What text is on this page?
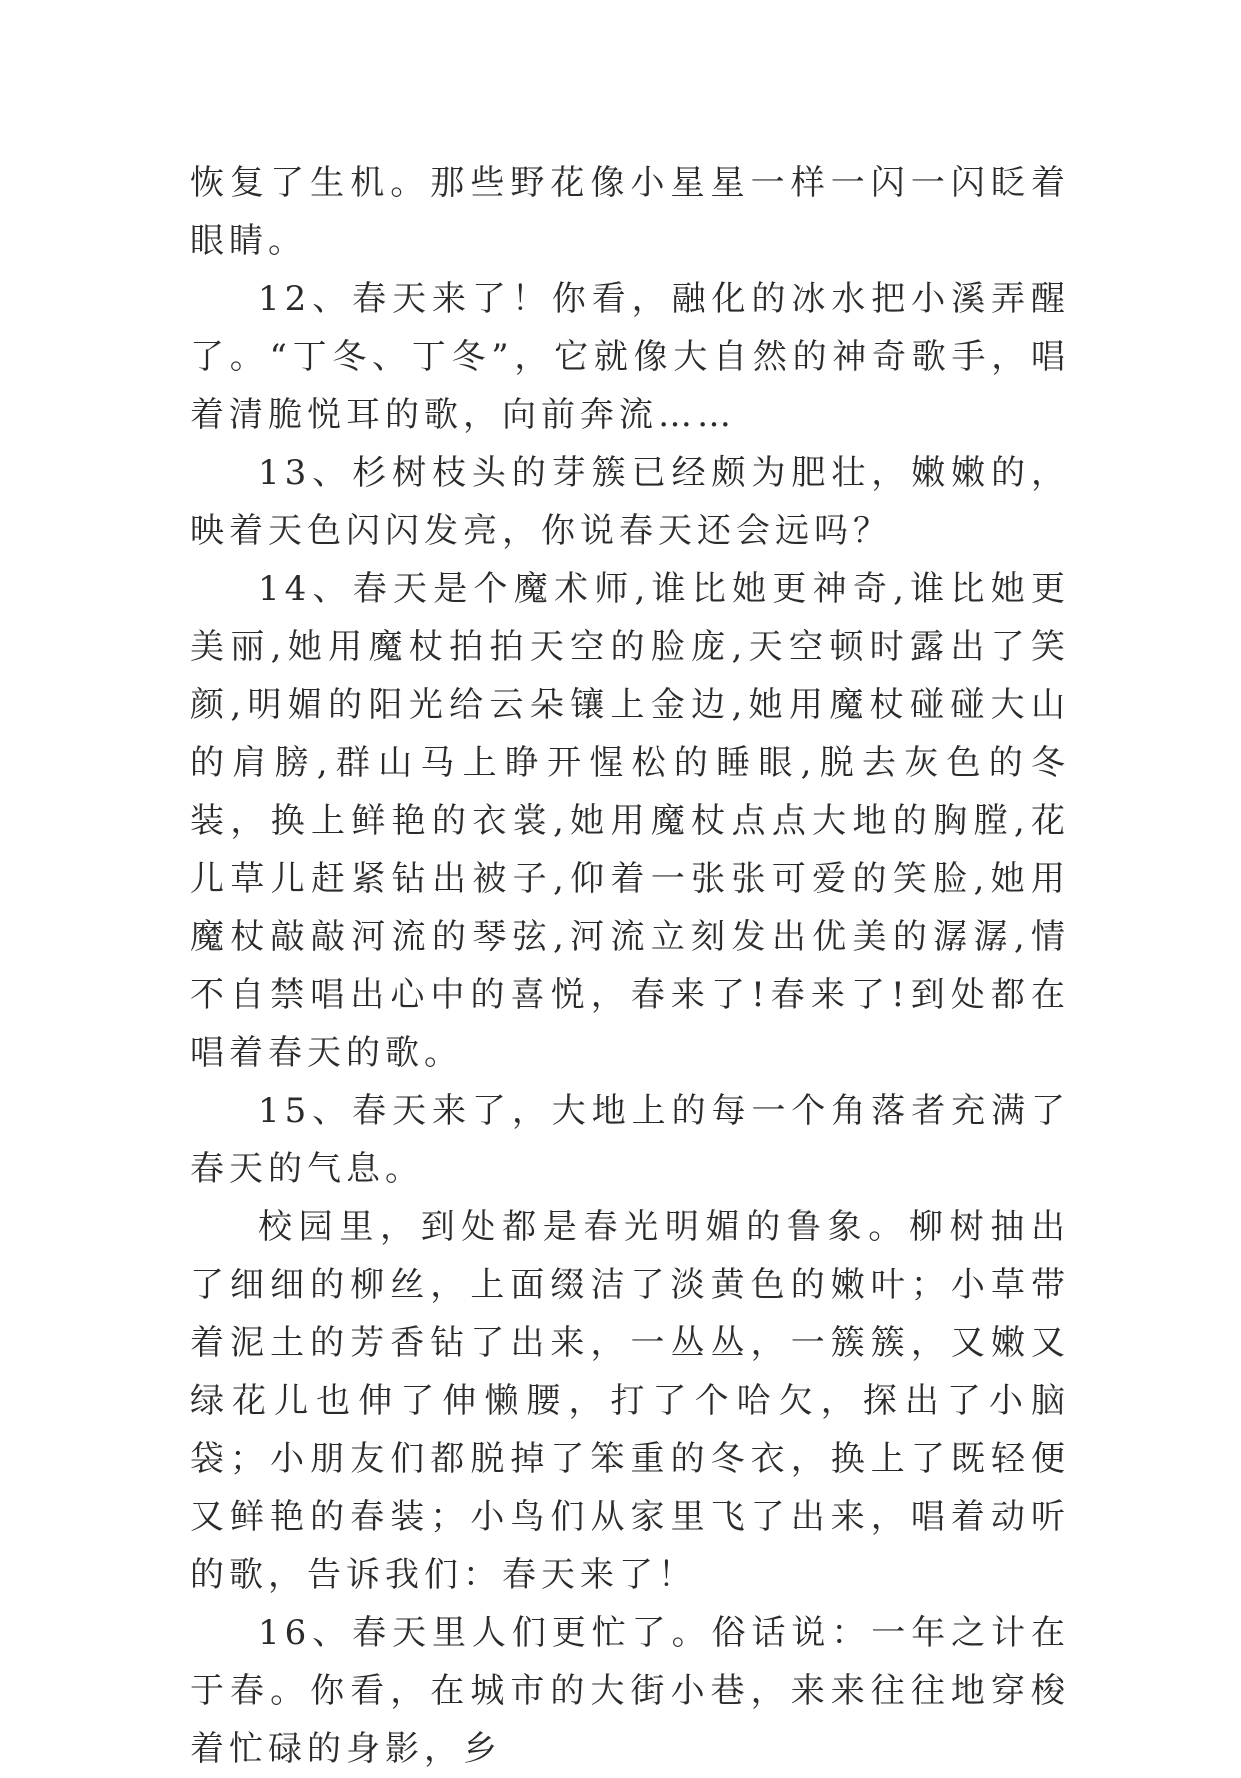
恢复了生机。那些野花像小星星一样一闪一闪眨着眼睛。

12、春天来了！你看，融化的冰水把小溪弄醒了。“丁冬、丁冬”，它就像大自然的神奇歌手，唱着清脆悦耳的歌，向前奔流……

13、杉树枝头的芽簇已经颇为肥壮，嫩嫩的，映着天色闪闪发亮，你说春天还会远吗？

14、春天是个魔术师,谁比她更神奇,谁比她更美丽,她用魔杖拍拍天空的脸庞,天空顿时露出了笑颜,明媚的阳光给云朵镶上金边,她用魔杖碰碰大山的肩膀,群山马上睁开惺松的睡眼,脱去灰色的冬装，换上鲜艳的衣裳,她用魔杖点点大地的胸膛,花儿草儿赶紧钻出被子,仰着一张张可爱的笑脸,她用魔杖敲敲河流的琴弦,河流立刻发出优美的潺潺,情不自禁唱出心中的喜悦，春来了!春来了!到处都在唱着春天的歌。

15、春天来了，大地上的每一个角落者充满了春天的气息。

校园里，到处都是春光明媚的鲁象。柳树抽出了细细的柳丝，上面缀洁了淡黄色的嫩叶；小草带着泥土的芳香钻了出来，一丛丛，一簇簇，又嫩又绿花儿也伸了伸懒腰，打了个哈欠，探出了小脑袋；小朋友们都脱掉了笨重的冬衣，换上了既轻便又鲜艳的春装；小鸟们从家里飞了出来，唱着动听的歌，告诉我们：春天来了！

16、春天里人们更忙了。俗话说：一年之计在于春。你看，在城市的大街小巷，来来往往地穿梭着忙碌的身影，乡
